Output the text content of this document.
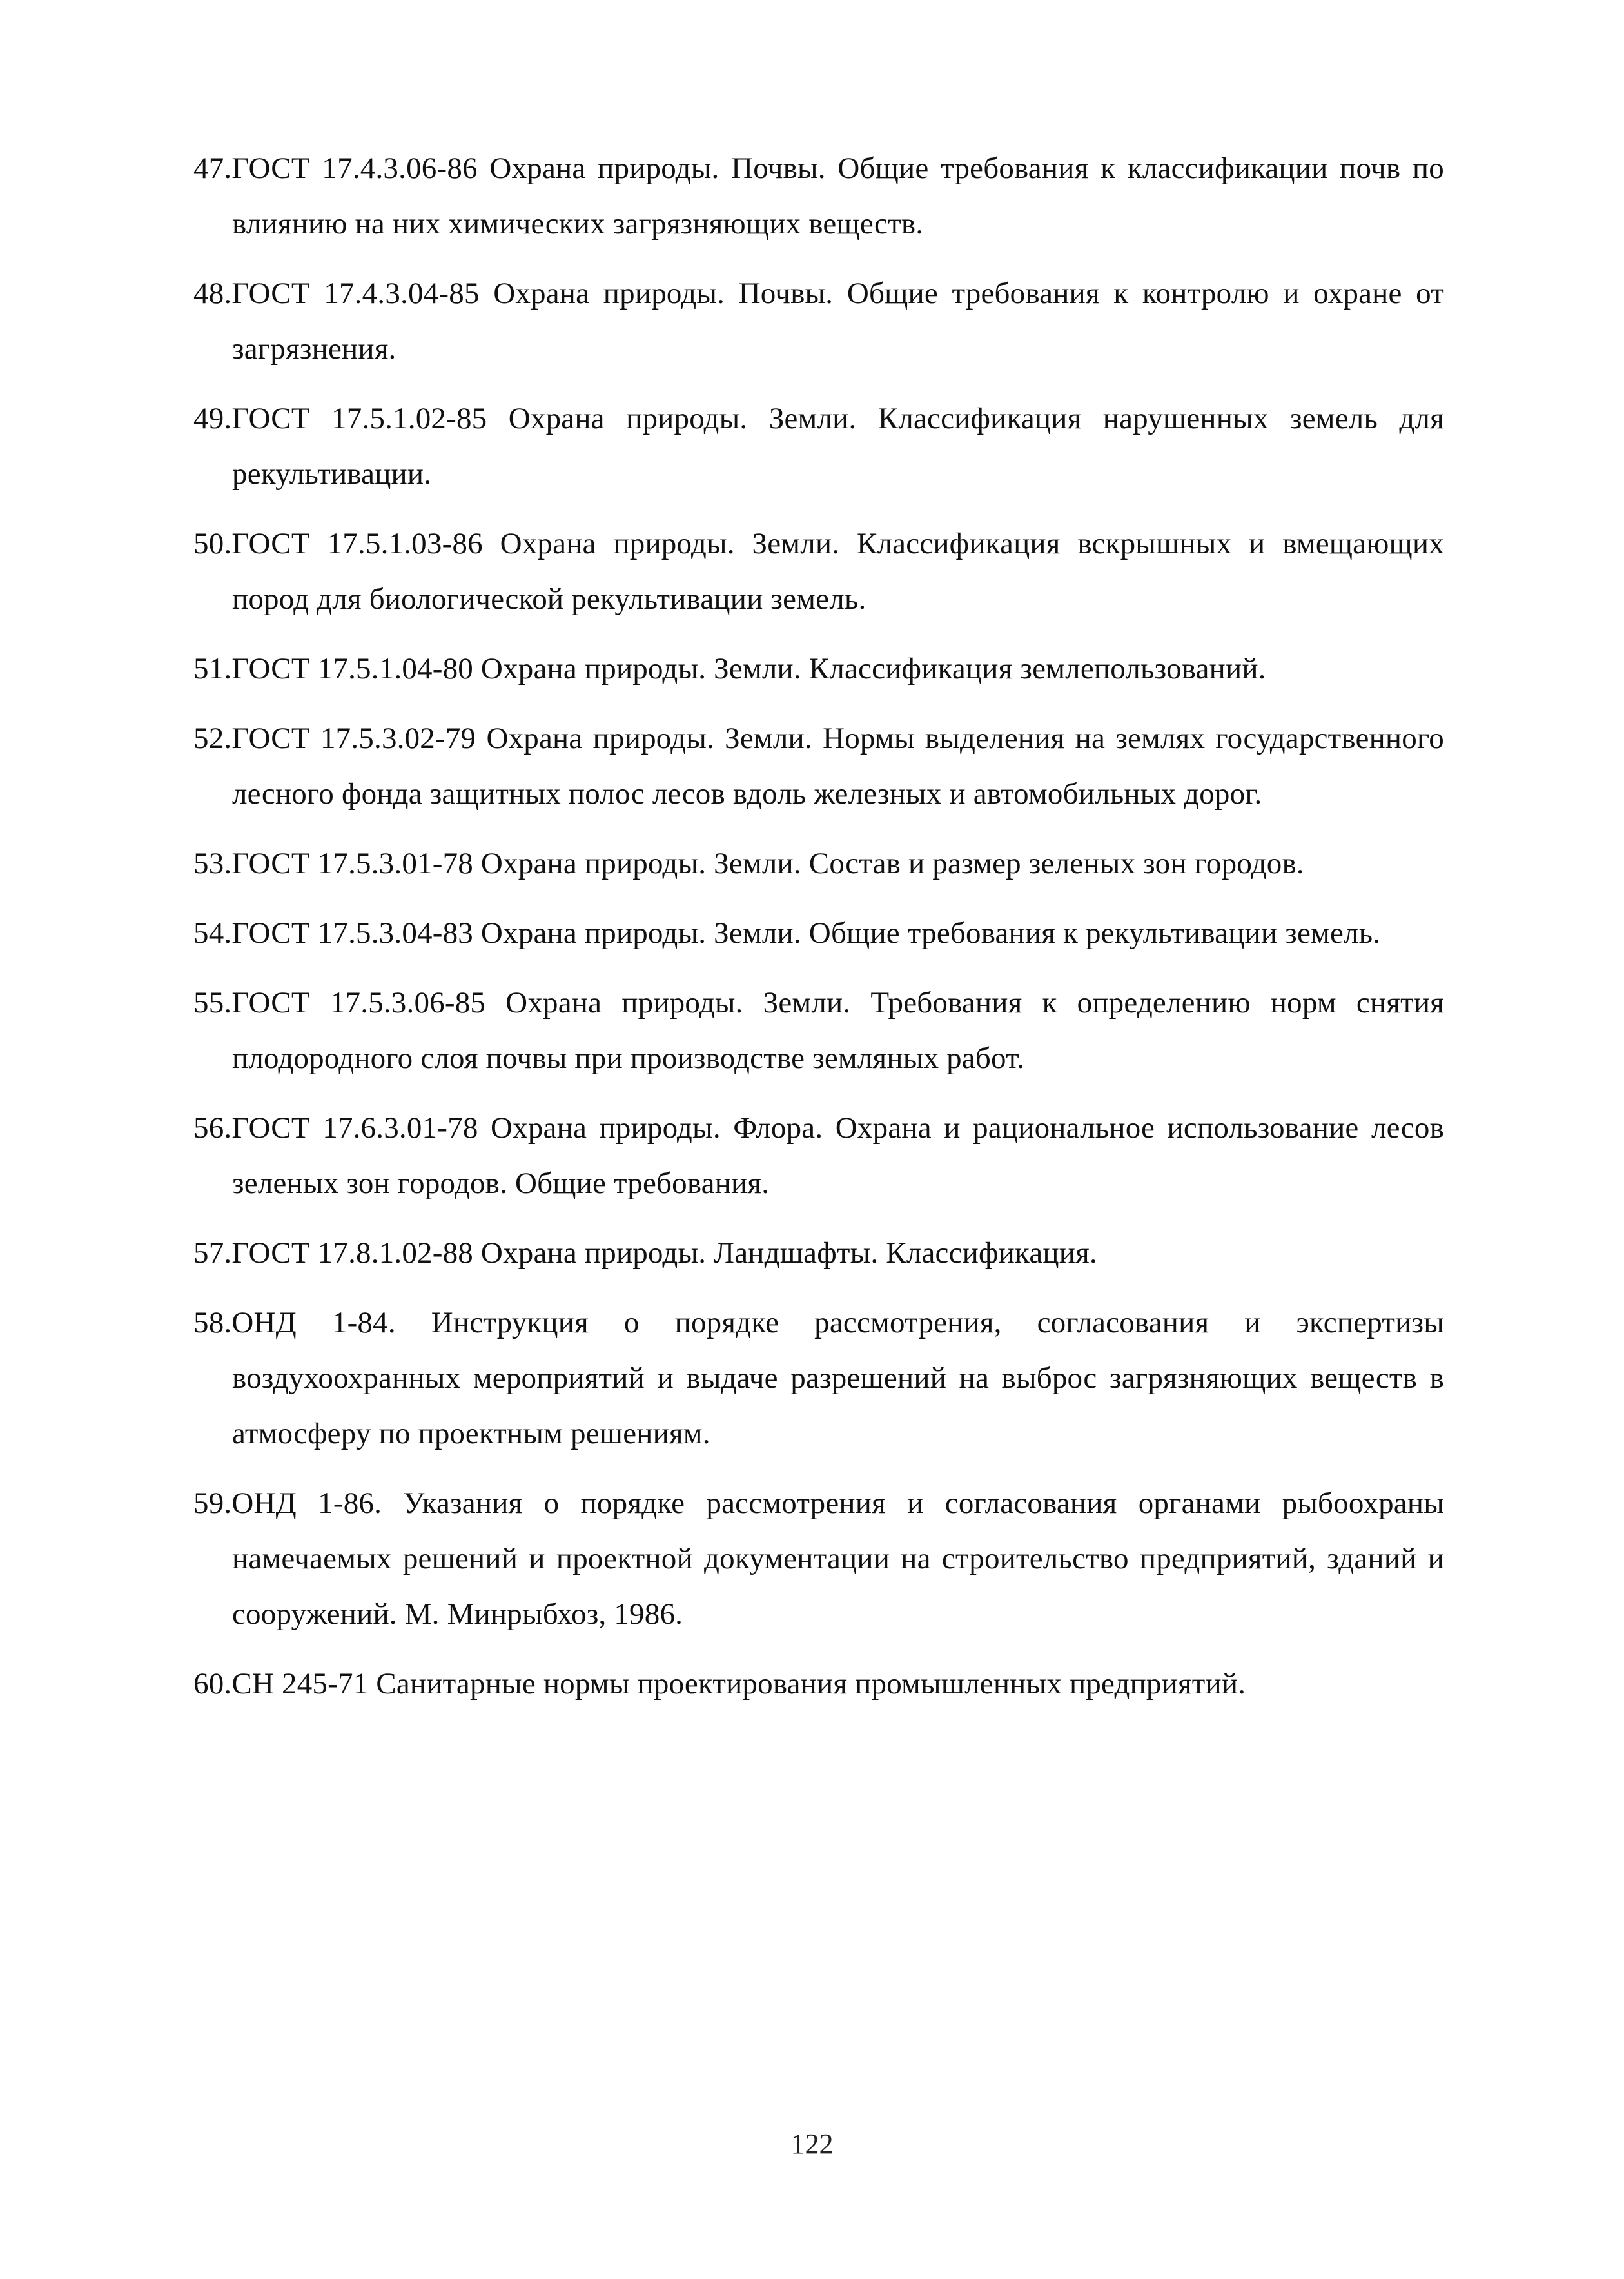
47.ГОСТ 17.4.3.06-86 Охрана природы. Почвы. Общие требования к классификации почв по влиянию на них химических загрязняющих веществ.
48.ГОСТ 17.4.3.04-85 Охрана природы. Почвы. Общие требования к контролю и охране от загрязнения.
49.ГОСТ 17.5.1.02-85 Охрана природы. Земли. Классификация нарушенных земель для рекультивации.
50.ГОСТ 17.5.1.03-86 Охрана природы. Земли. Классификация вскрышных и вмещающих пород для биологической рекультивации земель.
51.ГОСТ 17.5.1.04-80 Охрана природы. Земли. Классификация землепользований.
52.ГОСТ 17.5.3.02-79 Охрана природы. Земли. Нормы выделения на землях государственного лесного фонда защитных полос лесов вдоль железных и автомобильных дорог.
53.ГОСТ 17.5.3.01-78 Охрана природы. Земли. Состав и размер зеленых зон городов.
54.ГОСТ 17.5.3.04-83 Охрана природы. Земли. Общие требования к рекультивации земель.
55.ГОСТ 17.5.3.06-85 Охрана природы. Земли. Требования к определению норм снятия плодородного слоя почвы при производстве земляных работ.
56.ГОСТ 17.6.3.01-78 Охрана природы. Флора. Охрана и рациональное использование лесов зеленых зон городов. Общие требования.
57.ГОСТ 17.8.1.02-88 Охрана природы. Ландшафты. Классификация.
58.ОНД 1-84. Инструкция о порядке рассмотрения, согласования и экспертизы воздухоохранных мероприятий и выдаче разрешений на выброс загрязняющих веществ в атмосферу по проектным решениям.
59.ОНД 1-86. Указания о порядке рассмотрения и согласования органами рыбоохраны намечаемых решений и проектной документации на строительство предприятий, зданий и сооружений. М. Минрыбхоз, 1986.
60.СН 245-71 Санитарные нормы проектирования промышленных предприятий.
122
